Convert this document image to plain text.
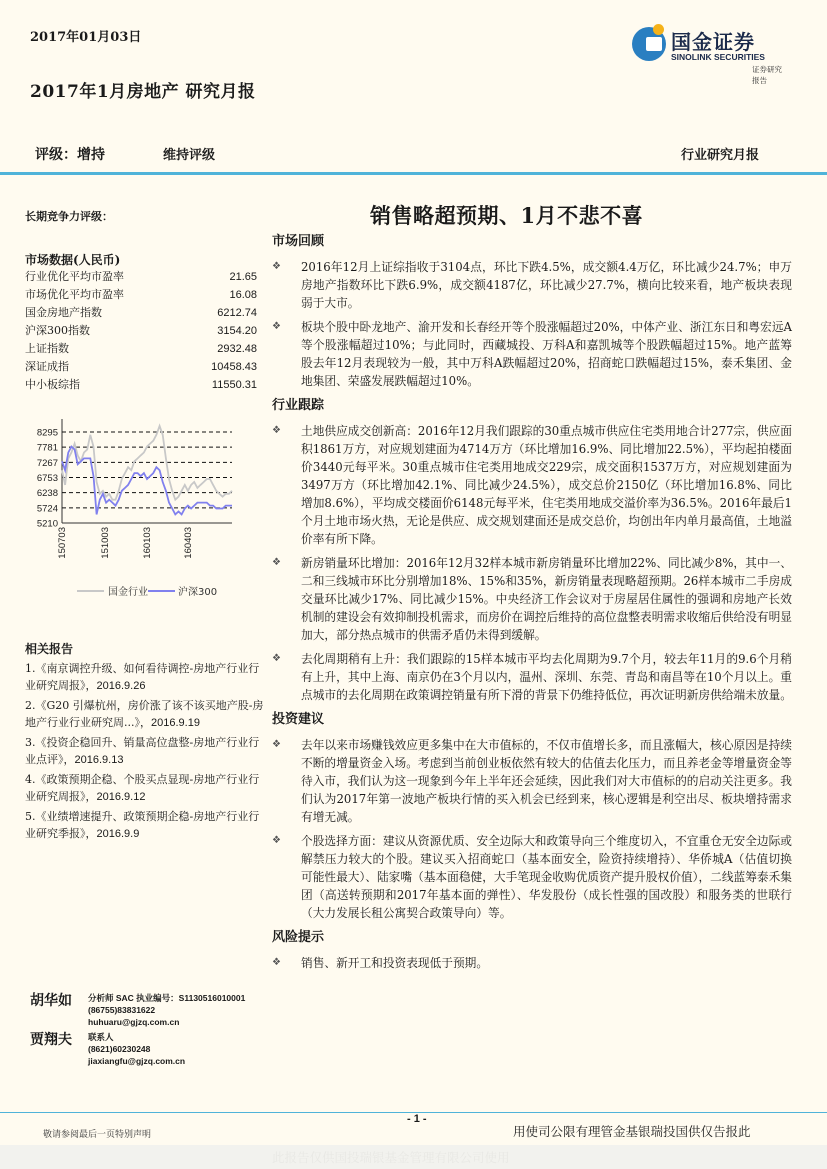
2017年01月03日
2017年1月房地产 研究月报
国金证券
SINOLINK SECURITIES
证券研究报告
评级：增持	维持评级	行业研究月报
长期竞争力评级：
市场数据(人民币)
行业优化平均市盈率	21.65
市场优化平均市盈率	16.08
国金房地产指数	6212.74
沪深300指数	3154.20
上证指数	2932.48
深证成指	10458.43
中小板综指	11550.31
8295
7781
7267
6753
6238
5724
5210
150703	151003	160103	160403
国金行业	沪深300
相关报告
1.《南京调控升级、如何看待调控-房地产行业行业研究周报》，2016.9.26
2.《G20 引爆杭州，房价涨了该不该买地产股-房地产行业行业研究周...》，2016.9.19
3.《投资企稳回升、销量高位盘整-房地产行业行业点评》，2016.9.13
4.《政策预期企稳、个股买点显现-房地产行业行业研究周报》，2016.9.12
5.《业绩增速提升、政策预期企稳-房地产行业行业研究季报》，2016.9.9
胡华如 分析师 SAC 执业编号：S1130516010001
(86755)83831622
huhuaru@gjzq.com.cn
贾翔夫 联系人
(8621)60230248
jiaxiangfu@gjzq.com.cn
销售略超预期、1月不悲不喜
市场回顾
❖	2016年12月上证综指收于3104点，环比下跌4.5%，成交额4.4万亿，环比减少24.7%；申万房地产指数环比下跌6.9%，成交额4187亿，环比减少27.7%，横向比较来看，地产板块表现弱于大市。
❖	板块个股中卧龙地产、渝开发和长春经开等个股涨幅超过20%，中体产业、浙江东日和粤宏远A等个股涨幅超过10%；与此同时，西藏城投、万科A和嘉凯城等个股跌幅超过15%。地产蓝筹股去年12月表现较为一般，其中万科A跌幅超过20%，招商蛇口跌幅超过15%，泰禾集团、金地集团、荣盛发展跌幅超过10%。
行业跟踪
❖	土地供应成交创新高：2016年12月我们跟踪的30重点城市供应住宅类用地合计277宗，供应面积1861万方，对应规划建面为4714万方（环比增加16.9%、同比增加22.5%），平均起拍楼面价3440元每平米。30重点城市住宅类用地成交229宗，成交面积1537万方，对应规划建面为3497万方（环比增加42.1%、同比减少24.5%），成交总价2150亿（环比增加16.8%、同比增加8.6%），平均成交楼面价6148元每平米，住宅类用地成交溢价率为36.5%。2016年最后1个月土地市场火热，无论是供应、成交规划建面还是成交总价，均创出年内单月最高值，土地溢价率有所下降。
❖	新房销量环比增加：2016年12月32样本城市新房销量环比增加22%、同比减少8%，其中一、二和三线城市环比分别增加18%、15%和35%，新房销量表现略超预期。26样本城市二手房成交量环比减少17%、同比减少15%。中央经济工作会议对于房屋居住属性的强调和房地产长效机制的建设会有效抑制投机需求，而房价在调控后维持的高位盘整表明需求收缩后供给没有明显加大，部分热点城市的供需矛盾仍未得到缓解。
❖	去化周期稍有上升：我们跟踪的15样本城市平均去化周期为9.7个月，较去年11月的9.6个月稍有上升，其中上海、南京仍在3个月以内，温州、深圳、东莞、青岛和南昌等在10个月以上。重点城市的去化周期在政策调控销量有所下滑的背景下仍维持低位，再次证明新房供给端未放量。
投资建议
❖	去年以来市场赚钱效应更多集中在大市值标的，不仅市值增长多，而且涨幅大，核心原因是持续不断的增量资金入场。考虑到当前创业板依然有较大的估值去化压力，而且养老金等增量资金等待入市，我们认为这一现象到今年上半年还会延续，因此我们对大市值标的的启动关注更多。我们认为2017年第一波地产板块行情的买入机会已经到来，核心逻辑是利空出尽、板块增持需求有增无减。
❖	个股选择方面：建议从资源优质、安全边际大和政策导向三个维度切入，不宜重仓无安全边际或解禁压力较大的个股。建议买入招商蛇口（基本面安全，险资持续增持）、华侨城A（估值切换可能性最大）、陆家嘴（基本面稳健，大手笔现金收购优质资产提升股权价值），二线蓝筹泰禾集团（高送转预期和2017年基本面的弹性）、华发股份（成长性强的国改股）和服务类的世联行（大力发展长租公寓契合政策导向）等。
风险提示
❖	销售、新开工和投资表现低于预期。
- 1 -
敬请参阅最后一页特别声明	用使司公限有理管金基银瑞投国供仅告报此
此报告仅供国投瑞银基金管理有限公司使用
